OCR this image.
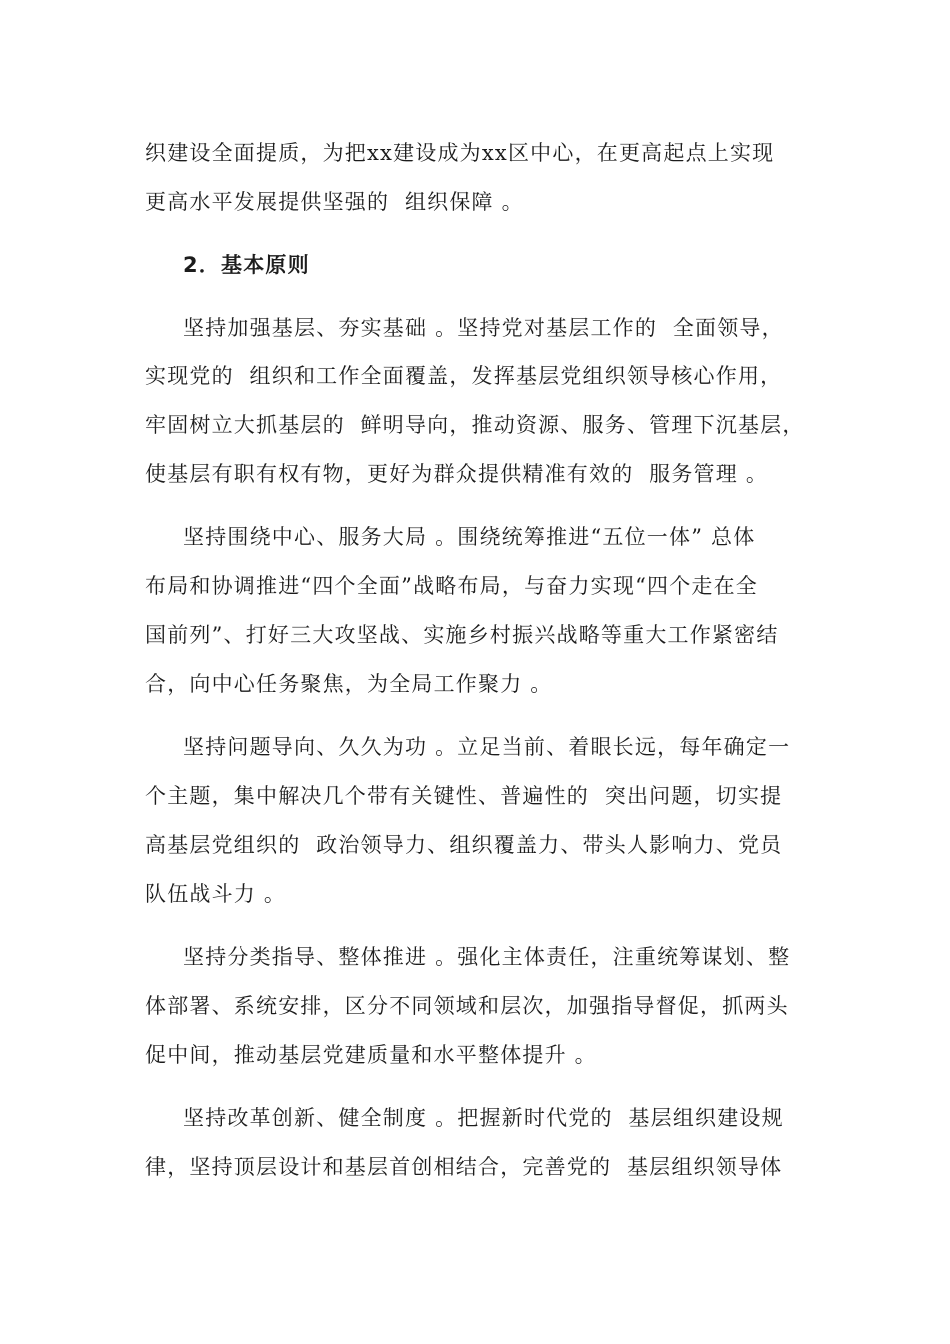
织建设全面提质，为把xx建设成为xx区中心，在更高起点上实现
更高水平发展提供坚强的  组织保障 。
2．基本原则
坚持加强基层、夯实基础 。坚持党对基层工作的  全面领导，
实现党的  组织和工作全面覆盖，发挥基层党组织领导核心作用，
牢固树立大抓基层的  鲜明导向，推动资源、服务、管理下沉基层，
使基层有职有权有物，更好为群众提供精准有效的  服务管理 。
坚持围绕中心、服务大局 。围绕统筹推进“五位一体” 总体
布局和协调推进“四个全面”战略布局，与奋力实现“四个走在全
国前列”、打好三大攻坚战、实施乡村振兴战略等重大工作紧密结
合，向中心任务聚焦，为全局工作聚力 。
坚持问题导向、久久为功 。立足当前、着眼长远，每年确定一
个主题，集中解决几个带有关键性、普遍性的  突出问题，切实提
高基层党组织的  政治领导力、组织覆盖力、带头人影响力、党员
队伍战斗力 。
坚持分类指导、整体推进 。强化主体责任，注重统筹谋划、整
体部署、系统安排，区分不同领域和层次，加强指导督促，抓两头
促中间，推动基层党建质量和水平整体提升 。
坚持改革创新、健全制度 。把握新时代党的  基层组织建设规
律，坚持顶层设计和基层首创相结合，完善党的  基层组织领导体
